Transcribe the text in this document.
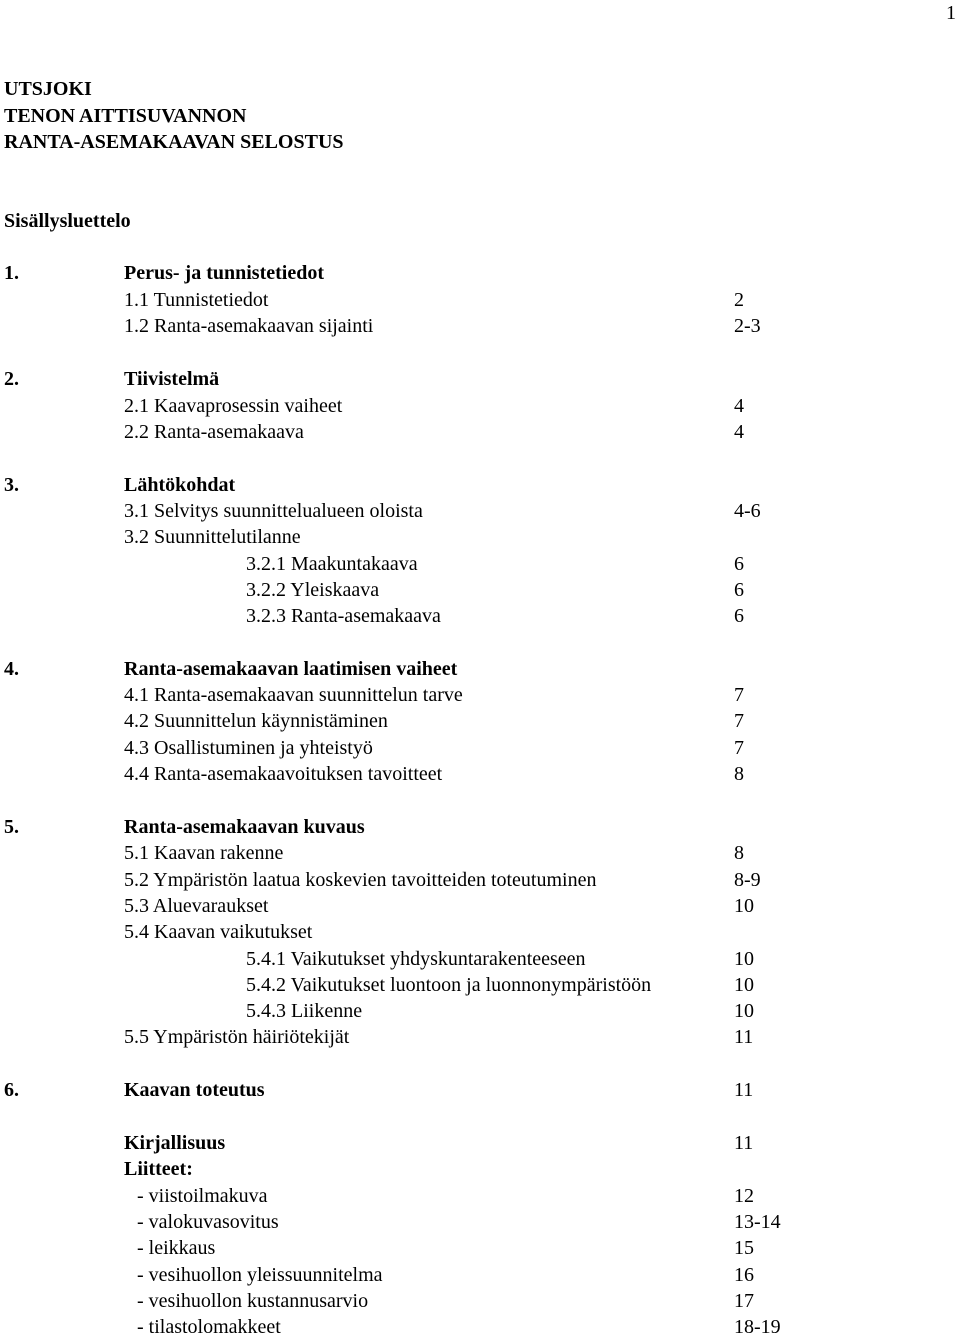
1
UTSJOKI
TENON AITTISUVANNON
RANTA-ASEMAKAAVAN SELOSTUS
Sisällysluettelo
1.	Perus- ja tunnistetiedot
1.1 Tunnistetiedot	2
1.2 Ranta-asemakaavan sijainti	2-3
2.	Tiivistelmä
2.1 Kaavaprosessin vaiheet	4
2.2 Ranta-asemakaava	4
3.	Lähtökohdat
3.1 Selvitys suunnittelualueen oloista	4-6
3.2 Suunnittelutilanne
3.2.1 Maakuntakaava	6
3.2.2 Yleiskaava	6
3.2.3 Ranta-asemakaava	6
4.	Ranta-asemakaavan laatimisen vaiheet
4.1 Ranta-asemakaavan suunnittelun tarve	7
4.2 Suunnittelun käynnistäminen	7
4.3 Osallistuminen ja yhteistyö	7
4.4 Ranta-asemakaavoituksen tavoitteet	8
5.	Ranta-asemakaavan kuvaus
5.1 Kaavan rakenne	8
5.2 Ympäristön laatua koskevien tavoitteiden toteutuminen	8-9
5.3 Aluevaraukset	10
5.4 Kaavan vaikutukset
5.4.1 Vaikutukset yhdyskuntarakenteeseen	10
5.4.2 Vaikutukset luontoon ja luonnonympäristöön	10
5.4.3 Liikenne	10
5.5 Ympäristön häiriötekijät	11
6.	Kaavan toteutus	11
Kirjallisuus	11
Liitteet:
- viistoilmakuva	12
- valokuvasovitus	13-14
- leikkaus	15
- vesihuollon yleissuunnitelma	16
- vesihuollon kustannusarvio	17
- tilastolomakkeet	18-19
